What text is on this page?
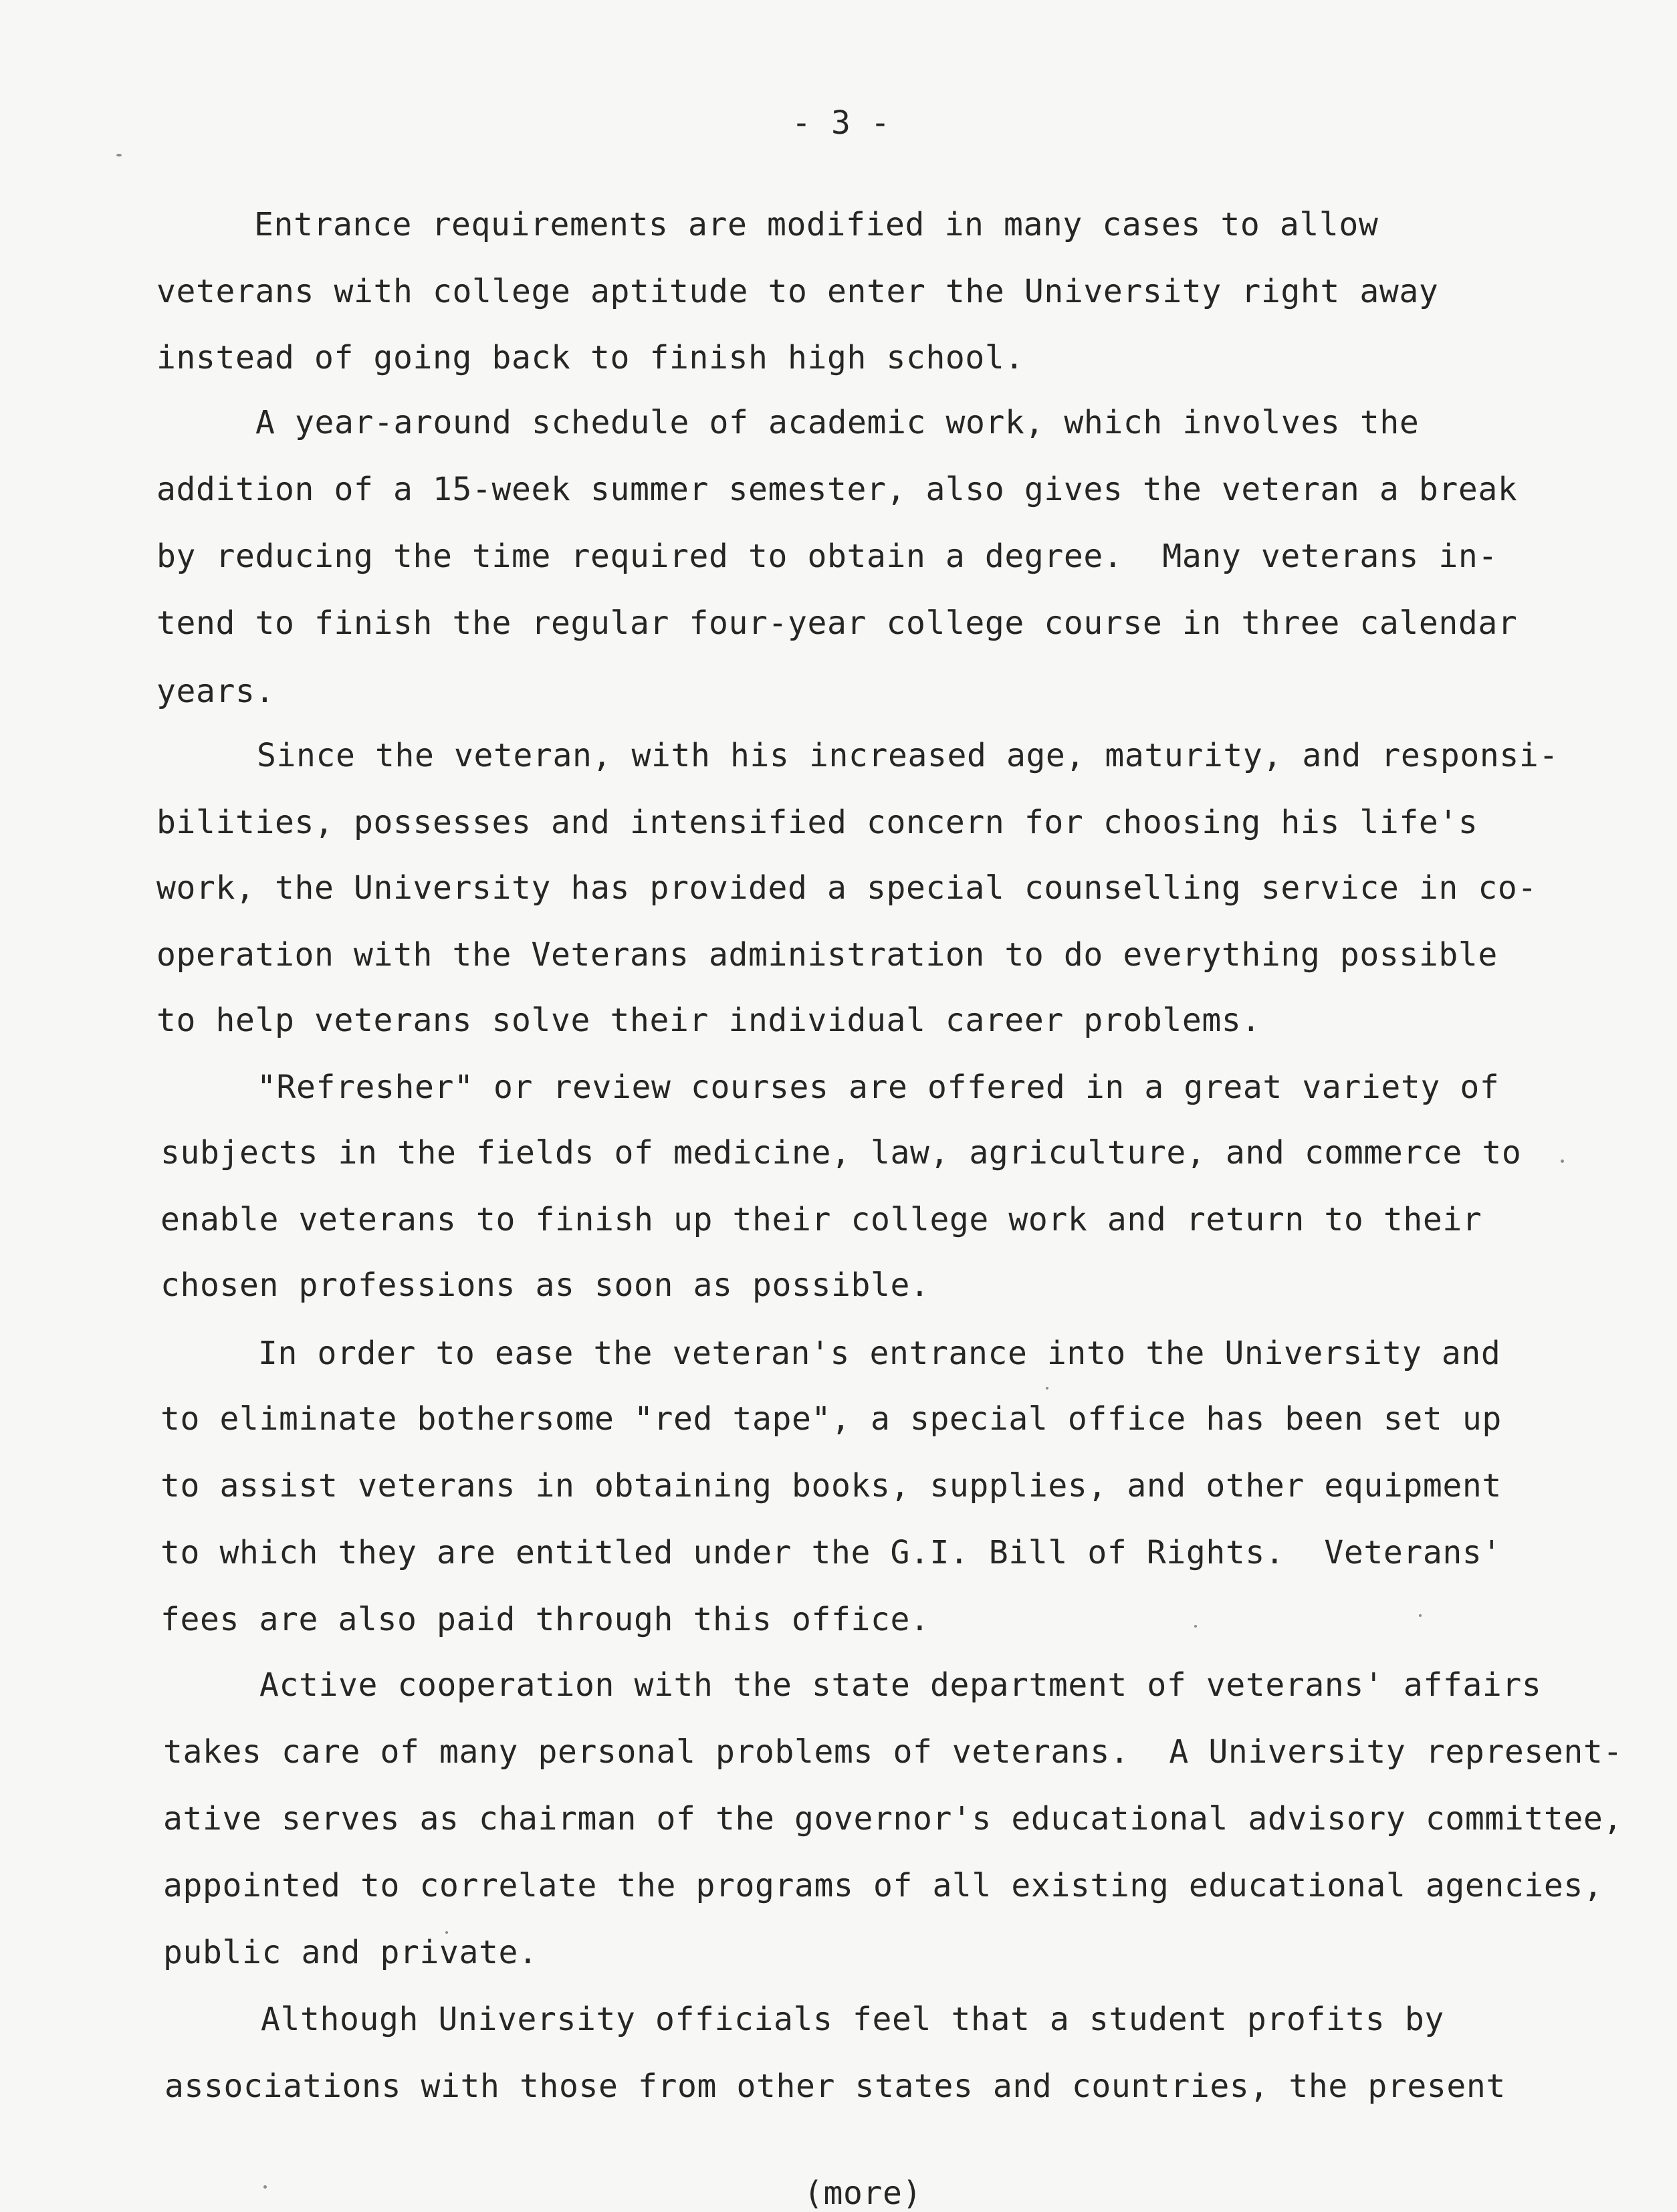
- 3 -
Entrance requirements are modified in many cases to allow
veterans with college aptitude to enter the University right away
instead of going back to finish high school.
A year-around schedule of academic work, which involves the
addition of a 15-week summer semester, also gives the veteran a break
by reducing the time required to obtain a degree.  Many veterans in-
tend to finish the regular four-year college course in three calendar
years.
Since the veteran, with his increased age, maturity, and responsi-
bilities, possesses and intensified concern for choosing his life's
work, the University has provided a special counselling service in co-
operation with the Veterans administration to do everything possible
to help veterans solve their individual career problems.
"Refresher" or review courses are offered in a great variety of
subjects in the fields of medicine, law, agriculture, and commerce to
enable veterans to finish up their college work and return to their
chosen professions as soon as possible.
In order to ease the veteran's entrance into the University and
to eliminate bothersome "red tape", a special office has been set up
to assist veterans in obtaining books, supplies, and other equipment
to which they are entitled under the G.I. Bill of Rights.  Veterans'
fees are also paid through this office.
Active cooperation with the state department of veterans' affairs
takes care of many personal problems of veterans.  A University represent-
ative serves as chairman of the governor's educational advisory committee,
appointed to correlate the programs of all existing educational agencies,
public and private.
Although University officials feel that a student profits by
associations with those from other states and countries, the present
(more)
